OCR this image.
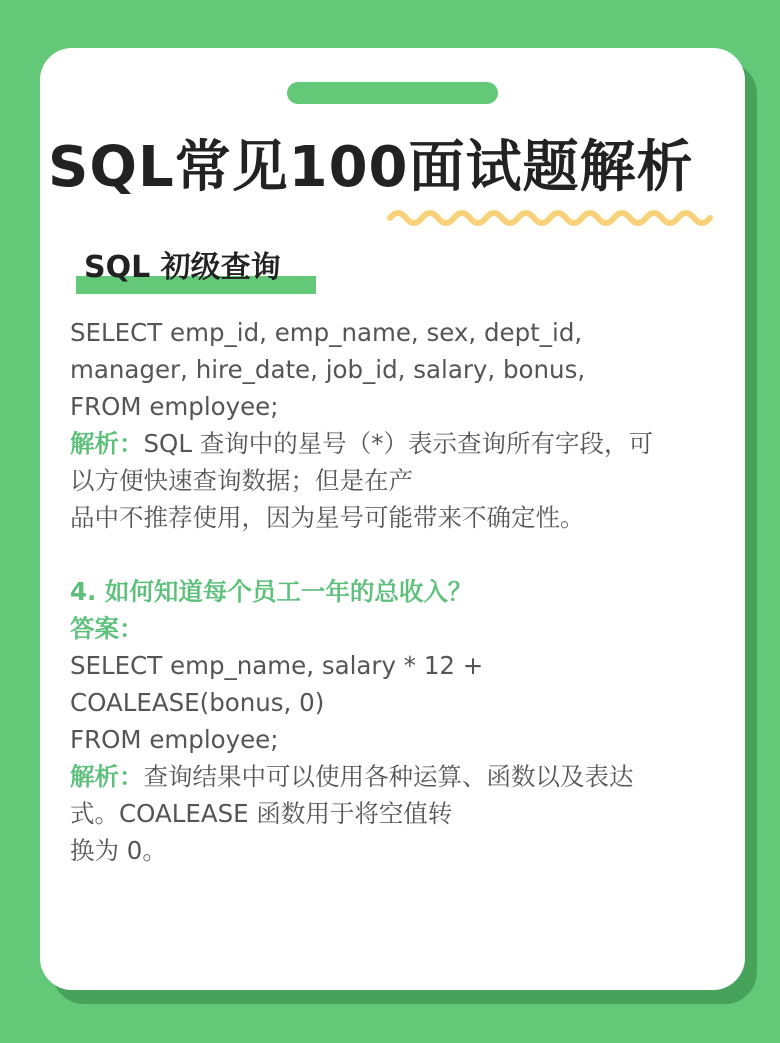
SQL常见100面试题解析
SQL 初级查询
SELECT emp_id, emp_name, sex, dept_id,
manager, hire_date, job_id, salary, bonus,
FROM employee;
解析：SQL 查询中的星号（*）表示查询所有字段，可
以方便快速查询数据；但是在产
品中不推荐使用，因为星号可能带来不确定性。
4. 如何知道每个员工一年的总收入？
答案：
SELECT emp_name, salary * 12 +
COALEASE(bonus, 0)
FROM employee;
解析：查询结果中可以使用各种运算、函数以及表达
式。COALEASE 函数用于将空值转
换为 0。
